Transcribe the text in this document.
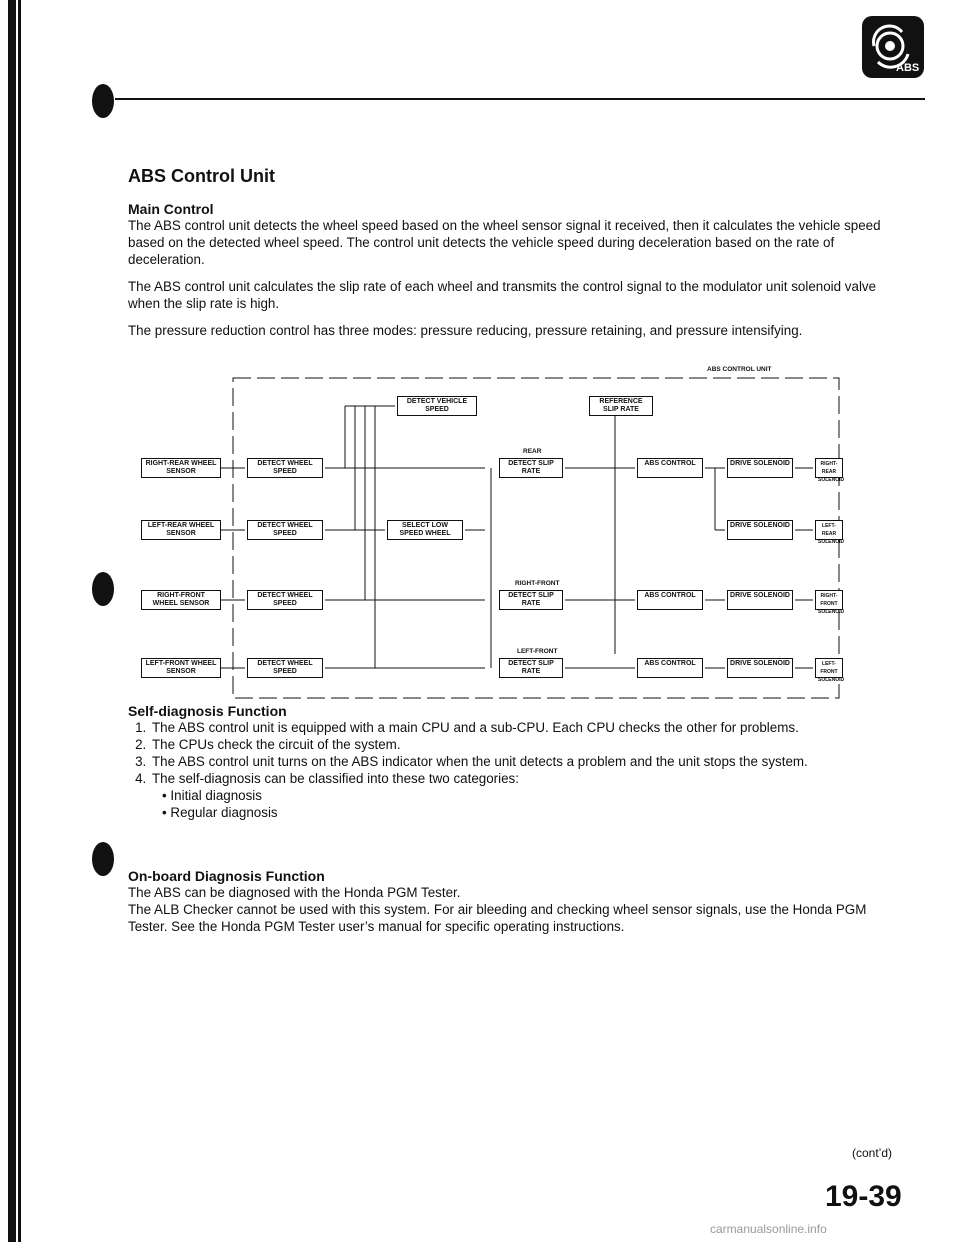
ABS
ABS Control Unit

Main Control

The ABS control unit detects the wheel speed based on the wheel sensor signal it received, then it calculates the vehicle speed based on the detected wheel speed. The control unit detects the vehicle speed during deceleration based on the rate of deceleration.

The ABS control unit calculates the slip rate of each wheel and transmits the control signal to the modulator unit solenoid valve when the slip rate is high.

The pressure reduction control has three modes: pressure reducing, pressure retaining, and pressure intensifying.

ABS CONTROL UNIT
DETECT VEHICLE SPEED
REFERENCE SLIP RATE
RIGHT-REAR WHEEL SENSOR
LEFT-REAR WHEEL SENSOR
RIGHT-FRONT WHEEL SENSOR
LEFT-FRONT WHEEL SENSOR
DETECT WHEEL SPEED
DETECT WHEEL SPEED
DETECT WHEEL SPEED
DETECT WHEEL SPEED
SELECT LOW SPEED WHEEL
REAR
RIGHT-FRONT
LEFT-FRONT
DETECT SLIP RATE
DETECT SLIP RATE
DETECT SLIP RATE
ABS CONTROL
ABS CONTROL
ABS CONTROL
DRIVE SOLENOID
DRIVE SOLENOID
DRIVE SOLENOID
DRIVE SOLENOID
RIGHT-REAR SOLENOID
LEFT-REAR SOLENOID
RIGHT-FRONT SOLENOID
LEFT-FRONT SOLENOID

Self-diagnosis Function

1. The ABS control unit is equipped with a main CPU and a sub-CPU. Each CPU checks the other for problems.
2. The CPUs check the circuit of the system.
3. The ABS control unit turns on the ABS indicator when the unit detects a problem and the unit stops the system.
4. The self-diagnosis can be classified into these two categories:
• Initial diagnosis
• Regular diagnosis

On-board Diagnosis Function

The ABS can be diagnosed with the Honda PGM Tester.

The ALB Checker cannot be used with this system. For air bleeding and checking wheel sensor signals, use the Honda PGM Tester. See the Honda PGM Tester user’s manual for specific operating instructions.

(cont’d)
19-39
carmanualsonline.info
